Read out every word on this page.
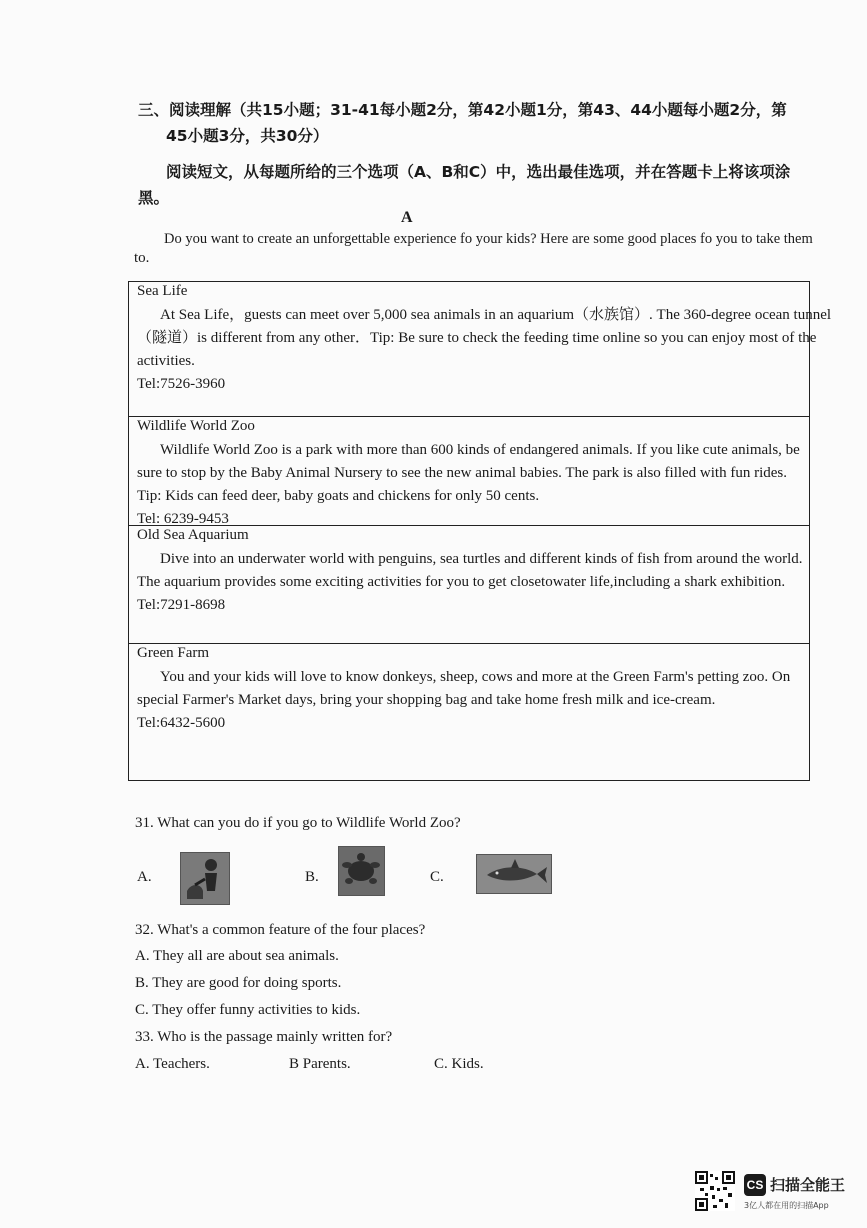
三、阅读理解（共15小题；31-41每小题2分，第42小题1分，第43、44小题每小题2分，第
45小题3分，共30分）
阅读短文，从每题所给的三个选项（A、B和C）中，选出最佳选项，并在答题卡上将该项涂
黑。
A
Do you want to create an unforgettable experience fo your kids? Here are some good places fo you to take them
to.
Sea Life
At Sea Life，guests can meet over 5,000 sea animals in an aquarium（水族馆）. The 360-degree ocean tunnel
（隧道）is different from any other．Tip: Be sure to check the feeding time online so you can enjoy most of the
activities.
Tel:7526-3960
Wildlife World Zoo
Wildlife World Zoo is a park with more than 600 kinds of endangered animals. If you like cute animals, be
sure to stop by the Baby Animal Nursery to see the new animal babies. The park is also filled with fun rides.
Tip: Kids can feed deer, baby goats and chickens for only 50 cents.
Tel: 6239-9453
Old Sea Aquarium
Dive into an underwater world with penguins, sea turtles and different kinds of fish from around the world.
The aquarium provides some exciting activities for you to get closetowater life,including a shark exhibition.
Tel:7291-8698
Green Farm
You and your kids will love to know donkeys, sheep, cows and more at the Green Farm's petting zoo. On
special Farmer's Market days, bring your shopping bag and take home fresh milk and ice-cream.
Tel:6432-5600
31. What can you do if you go to Wildlife World Zoo?
A.	B.	C.
32. What's a common feature of the four places?
A. They all are about sea animals.
B. They are good for doing sports.
C. They offer funny activities to kids.
33. Who is the passage mainly written for?
A. Teachers.	B Parents.	C. Kids.
CS 扫描全能王
3亿人都在用的扫描App
